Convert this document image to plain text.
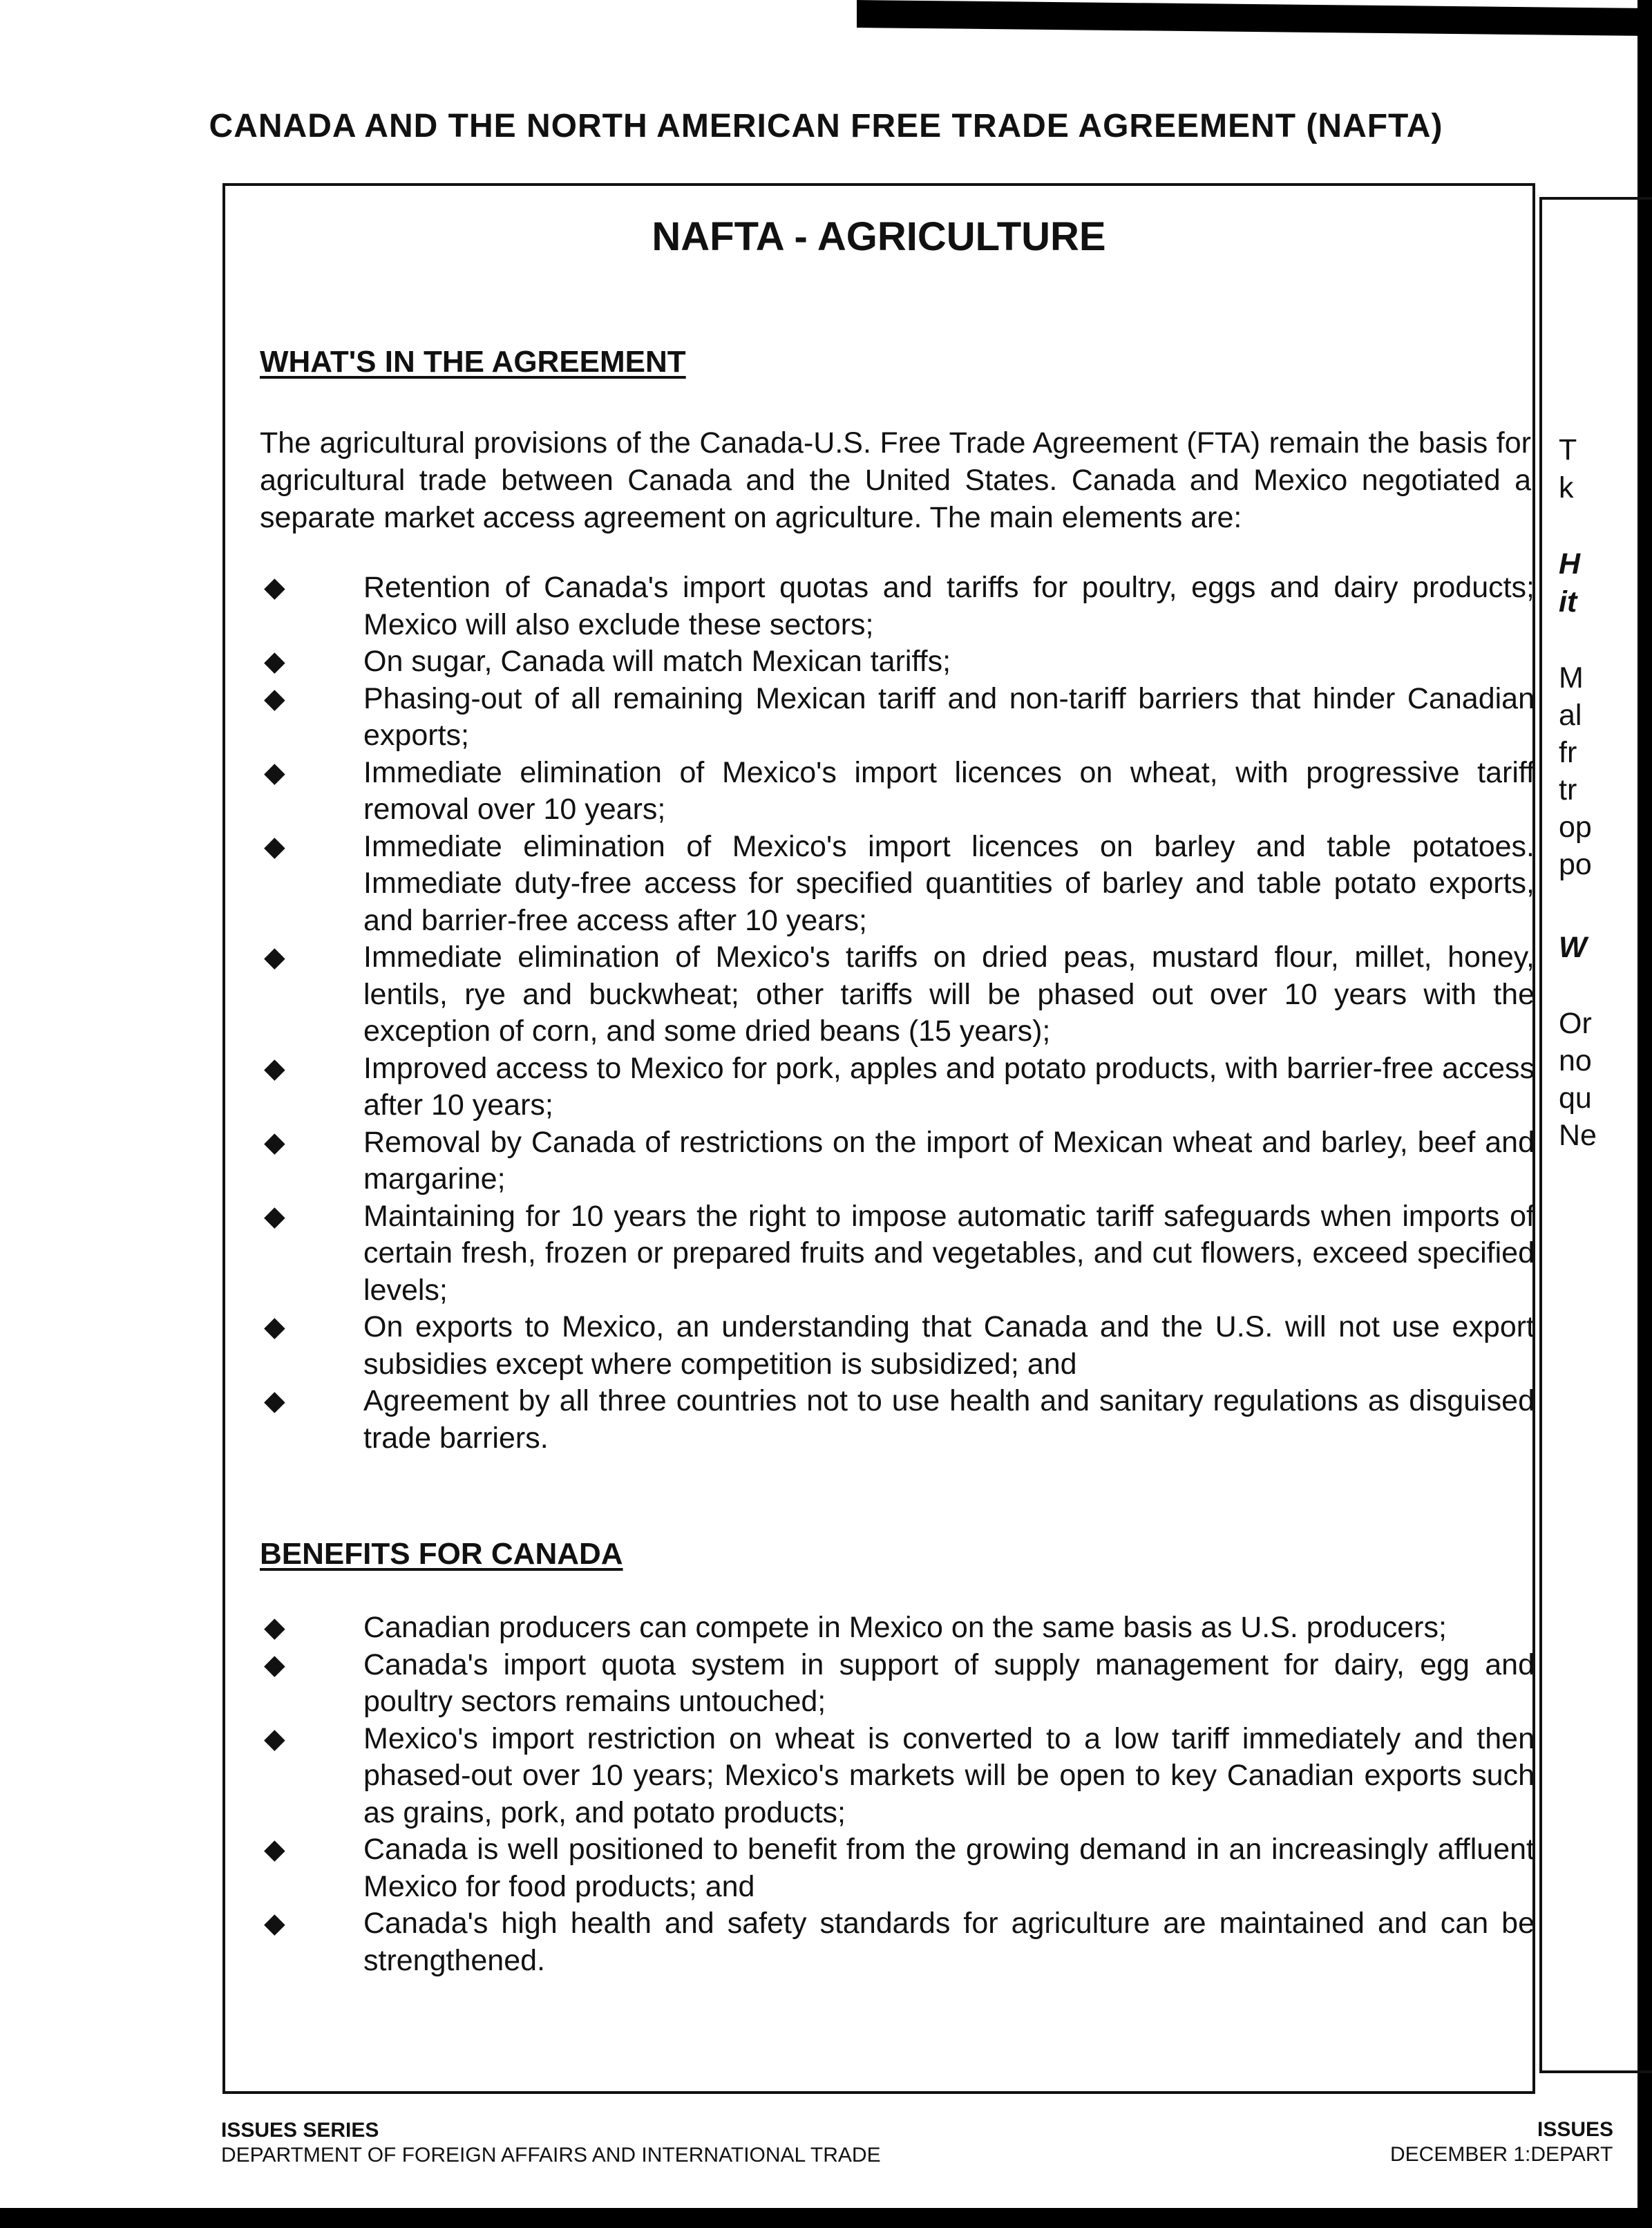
CANADA AND THE NORTH AMERICAN FREE TRADE AGREEMENT (NAFTA)
NAFTA - AGRICULTURE
WHAT'S IN THE AGREEMENT
The agricultural provisions of the Canada-U.S. Free Trade Agreement (FTA) remain the basis for agricultural trade between Canada and the United States. Canada and Mexico negotiated a separate market access agreement on agriculture. The main elements are:
◆	Retention of Canada's import quotas and tariffs for poultry, eggs and dairy products; Mexico will also exclude these sectors;
◆	On sugar, Canada will match Mexican tariffs;
◆	Phasing-out of all remaining Mexican tariff and non-tariff barriers that hinder Canadian exports;
◆	Immediate elimination of Mexico's import licences on wheat, with progressive tariff removal over 10 years;
◆	Immediate elimination of Mexico's import licences on barley and table potatoes. Immediate duty-free access for specified quantities of barley and table potato exports, and barrier-free access after 10 years;
◆	Immediate elimination of Mexico's tariffs on dried peas, mustard flour, millet, honey, lentils, rye and buckwheat; other tariffs will be phased out over 10 years with the exception of corn, and some dried beans (15 years);
◆	Improved access to Mexico for pork, apples and potato products, with barrier-free access after 10 years;
◆	Removal by Canada of restrictions on the import of Mexican wheat and barley, beef and margarine;
◆	Maintaining for 10 years the right to impose automatic tariff safeguards when imports of certain fresh, frozen or prepared fruits and vegetables, and cut flowers, exceed specified levels;
◆	On exports to Mexico, an understanding that Canada and the U.S. will not use export subsidies except where competition is subsidized; and
◆	Agreement by all three countries not to use health and sanitary regulations as disguised trade barriers.
BENEFITS FOR CANADA
◆	Canadian producers can compete in Mexico on the same basis as U.S. producers;
◆	Canada's import quota system in support of supply management for dairy, egg and poultry sectors remains untouched;
◆	Mexico's import restriction on wheat is converted to a low tariff immediately and then phased-out over 10 years; Mexico's markets will be open to key Canadian exports such as grains, pork, and potato products;
◆	Canada is well positioned to benefit from the growing demand in an increasingly affluent Mexico for food products; and
◆	Canada's high health and safety standards for agriculture are maintained and can be strengthened.
T
k
H
it
M
al
fr
tr
op
po
W
Or
no
qu
Ne
ISSUES SERIES
DEPARTMENT OF FOREIGN AFFAIRS AND INTERNATIONAL TRADE
ISSUES
DECEMBER 1:DEPART
